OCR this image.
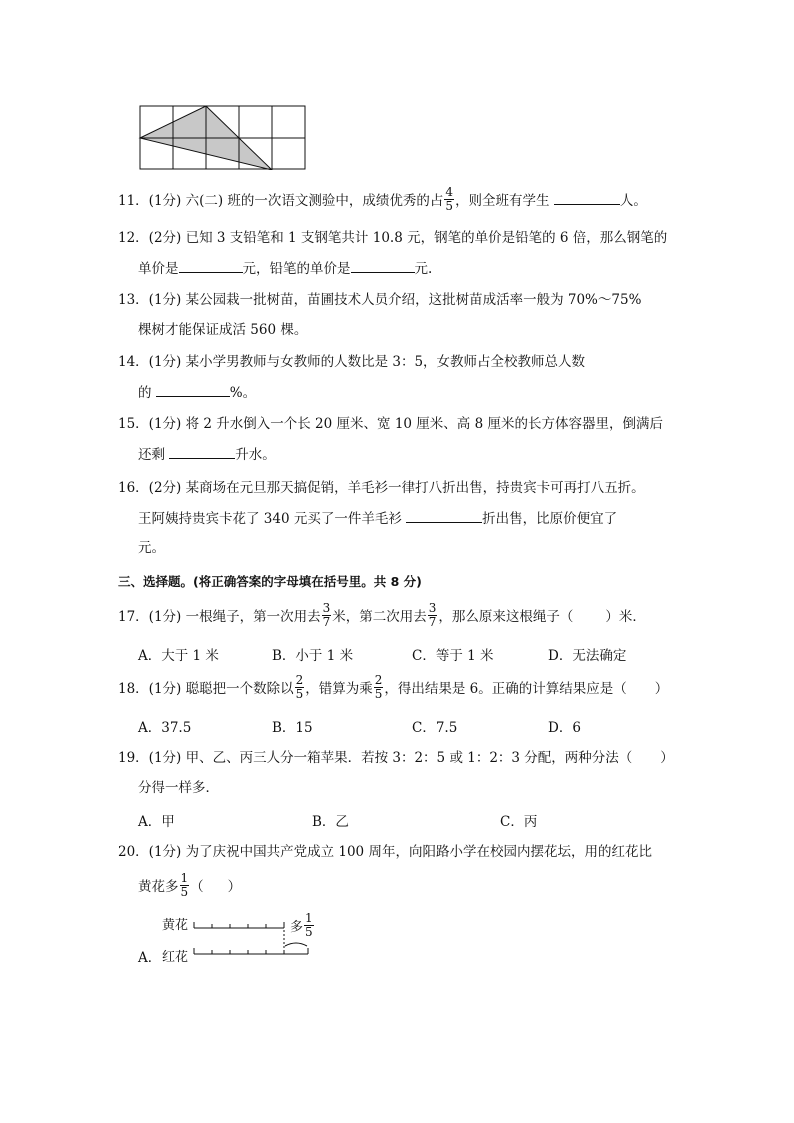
11．(1分) 六(二) 班的一次语文测验中，成绩优秀的占 $\frac{4}{5}$ ，则全班有学生	人。
12．(2分) 已知 3 支铅笔和 1 支钢笔共计 10.8 元，钢笔的单价是铅笔的 6 倍，那么钢笔的
单价是	元，铅笔的单价是	元.
13．(1分) 某公园栽一批树苗，苗圃技术人员介绍，这批树苗成活率一般为 70%～75%
棵树才能保证成活 560 棵。
14．(1分) 某小学男教师与女教师的人数比是 3：5，女教师占全校教师总人数
的	%。
15．(1分) 将 2 升水倒入一个长 20 厘米、宽 10 厘米、高 8 厘米的长方体容器里，倒满后
还剩	升水。
16．(2分) 某商场在元旦那天搞促销，羊毛衫一律打八折出售，持贵宾卡可再打八五折。
王阿姨持贵宾卡花了 340 元买了一件羊毛衫	折出售，比原价便宜了
元。
三、选择题。(将正确答案的字母填在括号里。共 8 分)
17．(1分) 一根绳子，第一次用去 $\frac{3}{7}$ 米，第二次用去 $\frac{3}{7}$ ，那么原来这根绳子（ ）米．
A．大于 1 米	B．小于 1 米	C．等于 1 米	D．无法确定
18．(1分) 聪聪把一个数除以 $\frac{2}{5}$ ，错算为乘 $\frac{2}{5}$ ，得出结果是 6。正确的计算结果应是（ ）
A．37.5	B．15	C．7.5	D．6
19．(1分) 甲、乙、丙三人分一箱苹果．若按 3：2：5 或 1：2：3 分配，两种分法（ ）
分得一样多．
A．甲	B．乙	C．丙
20．(1分) 为了庆祝中国共产党成立 100 周年，向阳路小学在校园内摆花坛，用的红花比
黄花多 $\frac{1}{5}$ （ ）
A．
黄花
红花
多 $\frac{1}{5}$
